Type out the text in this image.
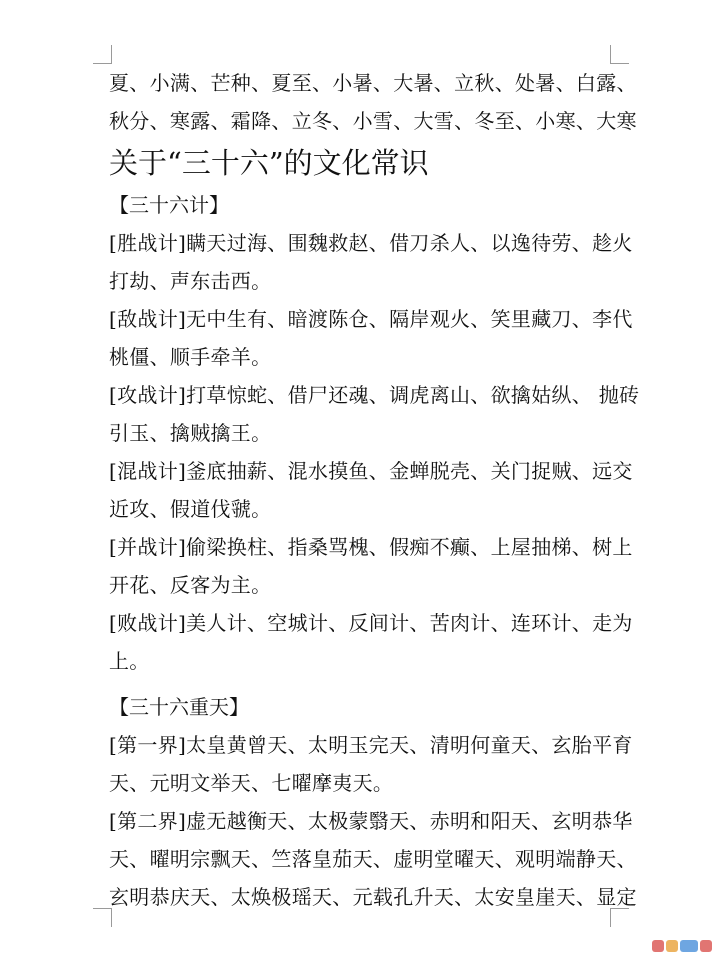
夏、小满、芒种、夏至、小暑、大暑、立秋、处暑、白露、
秋分、寒露、霜降、立冬、小雪、大雪、冬至、小寒、大寒
关于“三十六”的文化常识
【三十六计】
[胜战计]瞒天过海、围魏救赵、借刀杀人、以逸待劳、趁火
打劫、声东击西。
[敌战计]无中生有、暗渡陈仓、隔岸观火、笑里藏刀、李代
桃僵、顺手牵羊。
[攻战计]打草惊蛇、借尸还魂、调虎离山、欲擒姑纵、 抛砖
引玉、擒贼擒王。
[混战计]釜底抽薪、混水摸鱼、金蝉脱壳、关门捉贼、远交
近攻、假道伐虢。
[并战计]偷梁换柱、指桑骂槐、假痴不癫、上屋抽梯、树上
开花、反客为主。
[败战计]美人计、空城计、反间计、苦肉计、连环计、走为
上。
【三十六重天】
[第一界]太皇黄曾天、太明玉完天、清明何童天、玄胎平育
天、元明文举天、七曜摩夷天。
[第二界]虚无越衡天、太极蒙翳天、赤明和阳天、玄明恭华
天、曜明宗飘天、竺落皇茄天、虚明堂曜天、观明端静天、
玄明恭庆天、太焕极瑶天、元载孔升天、太安皇崖天、显定
